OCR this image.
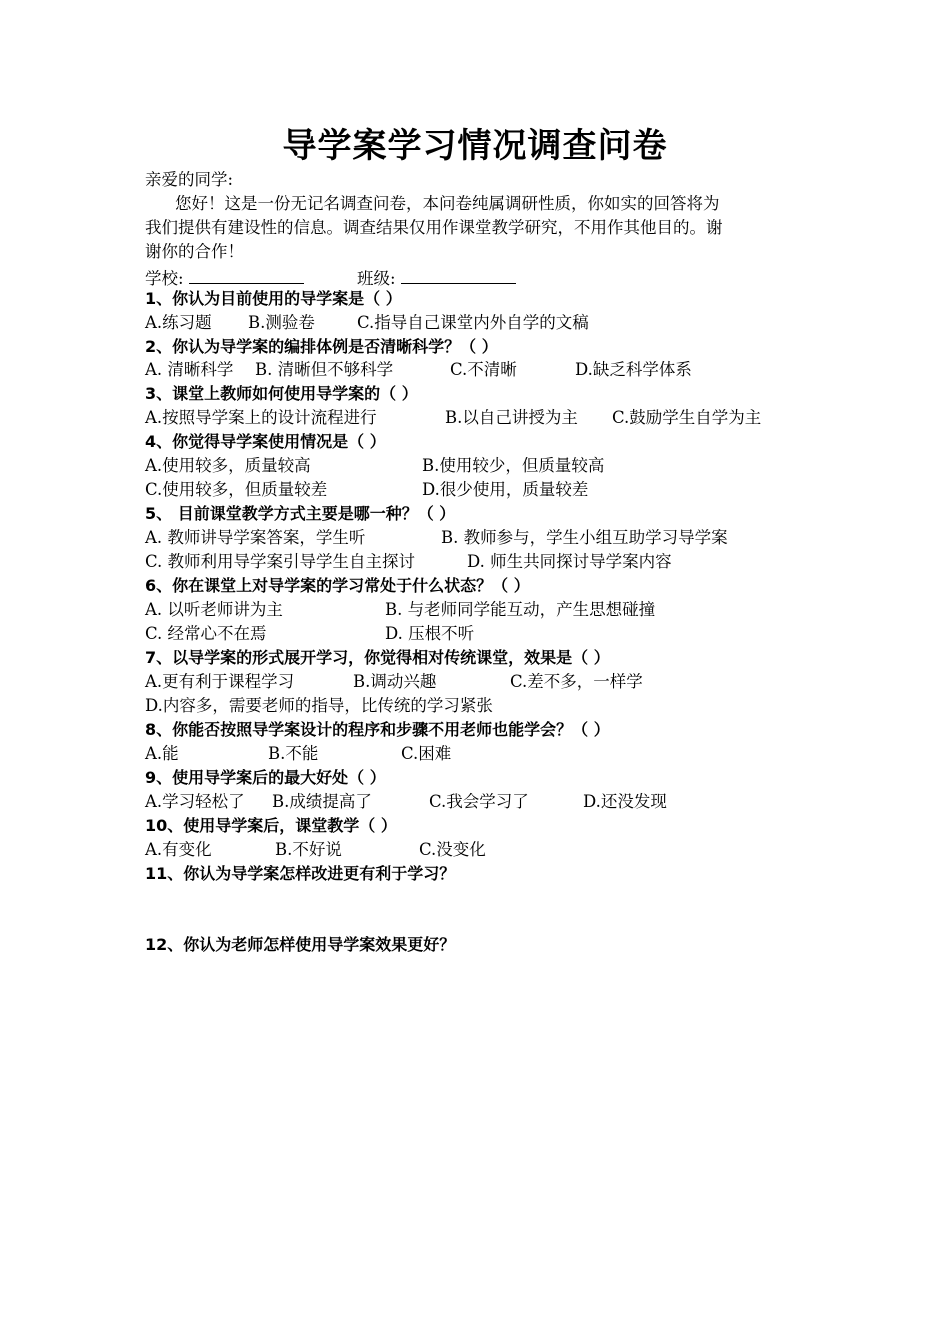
导学案学习情况调查问卷
亲爱的同学:
您好！这是一份无记名调查问卷，本问卷纯属调研性质，你如实的回答将为
我们提供有建设性的信息。调查结果仅用作课堂教学研究，不用作其他目的。谢
谢你的合作！
学校:	班级:
1、你认为目前使用的导学案是（ ）
A.练习题 B.测验卷	C.指导自己课堂内外自学的文稿
2、你认为导学案的编排体例是否清晰科学？（ ）
A. 清晰科学 B. 清晰但不够科学	C.不清晰	D.缺乏科学体系
3、课堂上教师如何使用导学案的（ ）
A.按照导学案上的设计流程进行	B.以自己讲授为主 C.鼓励学生自学为主
4、你觉得导学案使用情况是（ ）
A.使用较多，质量较高	B.使用较少，但质量较高
C.使用较多，但质量较差	D.很少使用，质量较差
5、 目前课堂教学方式主要是哪一种？（ ）
A. 教师讲导学案答案，学生听	B. 教师参与，学生小组互助学习导学案
C. 教师利用导学案引导学生自主探讨	D. 师生共同探讨导学案内容
6、你在课堂上对导学案的学习常处于什么状态？（ ）
A. 以听老师讲为主	B. 与老师同学能互动，产生思想碰撞
C. 经常心不在焉	D. 压根不听
7、以导学案的形式展开学习，你觉得相对传统课堂，效果是（ ）
A.更有利于课程学习	B.调动兴趣	C.差不多，一样学
D.内容多，需要老师的指导，比传统的学习紧张
8、你能否按照导学案设计的程序和步骤不用老师也能学会？（ ）
A.能	B.不能	C.困难
9、使用导学案后的最大好处（ ）
A.学习轻松了 B.成绩提高了	C.我会学习了	D.还没发现
10、使用导学案后，课堂教学（ ）
A.有变化	B.不好说	C.没变化
11、你认为导学案怎样改进更有利于学习？
12、你认为老师怎样使用导学案效果更好？
